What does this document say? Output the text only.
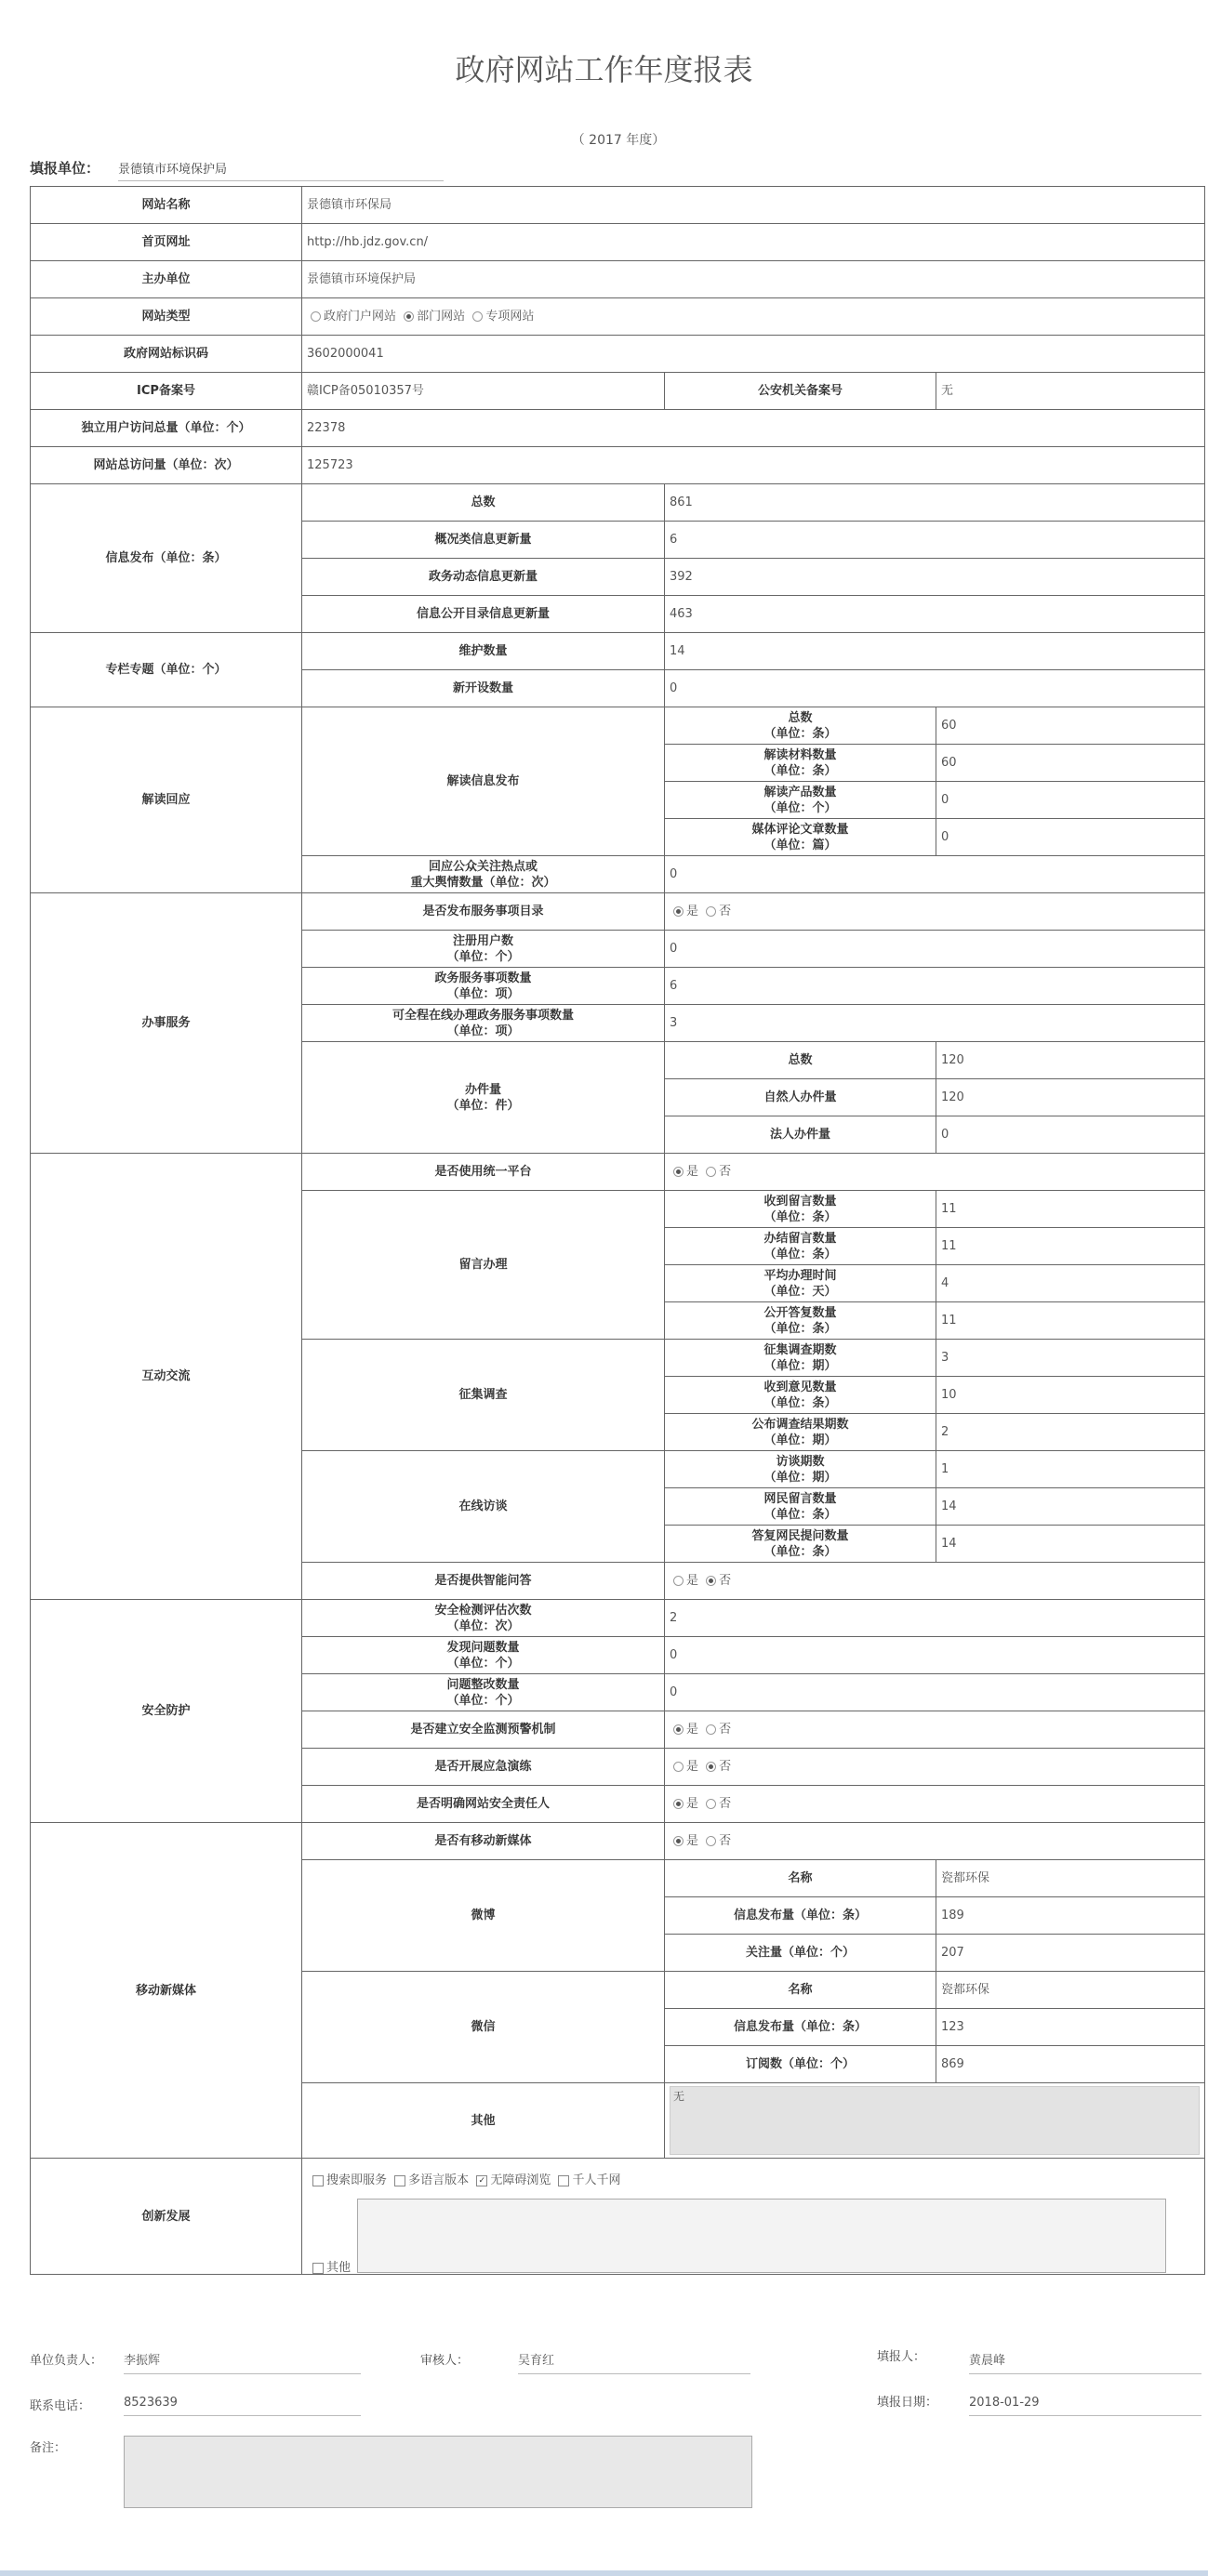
政府网站工作年度报表
（ 2017 年度）
填报单位： 景德镇市环境保护局
网站名称	景德镇市环保局		
首页网址	http://hb.jdz.gov.cn/		
主办单位	景德镇市环境保护局		
网站类型	政府门户网站 部门网站 专项网站		
政府网站标识码	3602000041		
ICP备案号	赣ICP备05010357号	公安机关备案号	无
独立用户访问总量（单位：个）	22378		
网站总访问量（单位：次）	125723		
信息发布（单位：条）	总数	861	
	概况类信息更新量	6	
	政务动态信息更新量	392	
	信息公开目录信息更新量	463	
专栏专题（单位：个）	维护数量	14	
	新开设数量	0	
解读回应	解读信息发布	总数
（单位：条）	60
		解读材料数量
（单位：条）	60
		解读产品数量
（单位：个）	0
		媒体评论文章数量
（单位：篇）	0
	回应公众关注热点或
重大舆情数量（单位：次）	0	
办事服务	是否发布服务事项目录	是 否	
	注册用户数
（单位：个）	0	
	政务服务事项数量
（单位：项）	6	
	可全程在线办理政务服务事项数量
（单位：项）	3	
	办件量
（单位：件）	总数	120
		自然人办件量	120
		法人办件量	0
互动交流	是否使用统一平台	是 否	
	留言办理	收到留言数量
（单位：条）	11
		办结留言数量
（单位：条）	11
		平均办理时间
（单位：天）	4
		公开答复数量
（单位：条）	11
	征集调查	征集调查期数
（单位：期）	3
		收到意见数量
（单位：条）	10
		公布调查结果期数
（单位：期）	2
	在线访谈	访谈期数
（单位：期）	1
		网民留言数量
（单位：条）	14
		答复网民提问数量
（单位：条）	14
	是否提供智能问答	是 否	
安全防护	安全检测评估次数
（单位：次）	2	
	发现问题数量
（单位：个）	0	
	问题整改数量
（单位：个）	0	
	是否建立安全监测预警机制	是 否	
	是否开展应急演练	是 否	
	是否明确网站安全责任人	是 否	
移动新媒体	是否有移动新媒体	是 否	
	微博	名称	瓷都环保
		信息发布量（单位：条）	189
		关注量（单位：个）	207
	微信	名称	瓷都环保
		信息发布量（单位：条）	123
		订阅数（单位：个）	869
	其他	无	

创新发展	搜索即服务 多语言版本 ✓ 无障碍浏览 千人千网
其他		
单位负责人： 李振辉	审核人：	吴育红	填报人：	黄晨峰
联系电话：	8523639	填报日期：	2018-01-29
备注：
